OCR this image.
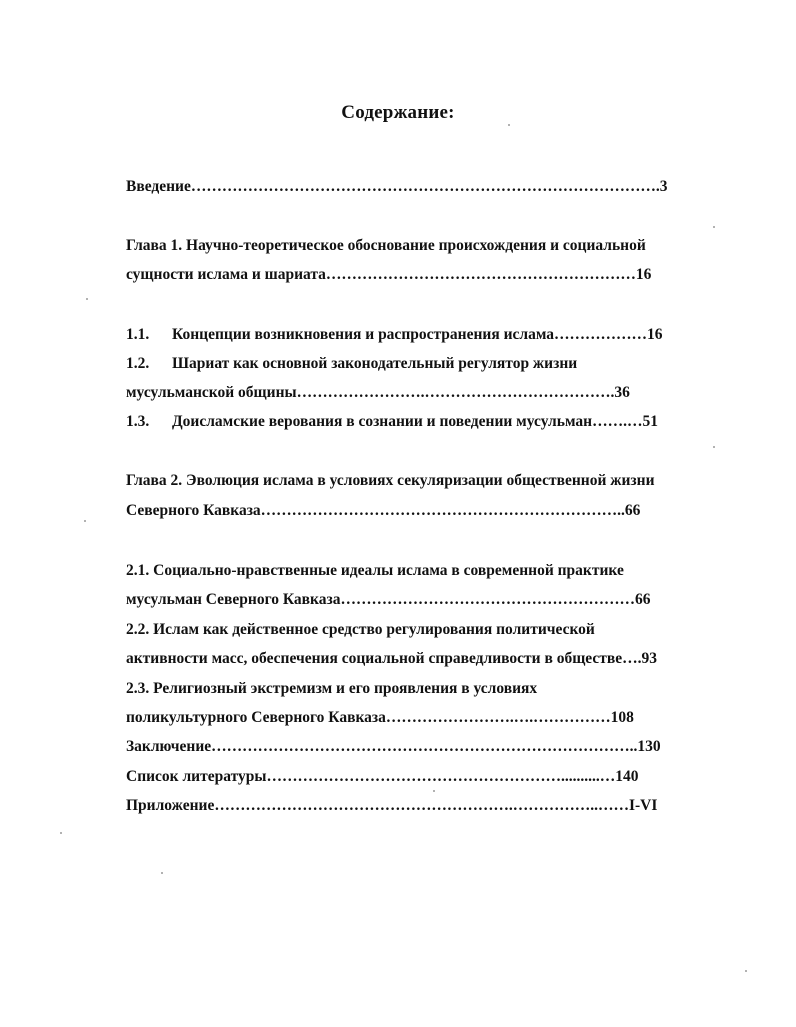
Содержание:
Введение……………………………………………………………………………….3
Глава 1. Научно-теоретическое обоснование происхождения и социальной
сущности ислама и шариата……………………………………………………16
1.1. Концепции возникновения и распространения ислама………………16
1.2. Шариат как основной законодательный регулятор жизни
мусульманской общины…………………….……………………………….36
1.3. Доисламские верования в сознании и поведении мусульман…….…51
Глава 2. Эволюция ислама в условиях секуляризации общественной жизни
Северного Кавказа……………………………………………………………..66
2.1. Социально-нравственные идеалы ислама в современной практике
мусульман Северного Кавказа…………………………………………………66
2.2. Ислам как действенное средство регулирования политической
активности масс, обеспечения социальной справедливости в обществе….93
2.3. Религиозный экстремизм и его проявления в условиях
поликультурного Северного Кавказа…………………….….……………108
Заключение………………………………………………………………………..130
Список литературы…………………………………………………..........…140
Приложение………………………………………………….……………..……I-VI
